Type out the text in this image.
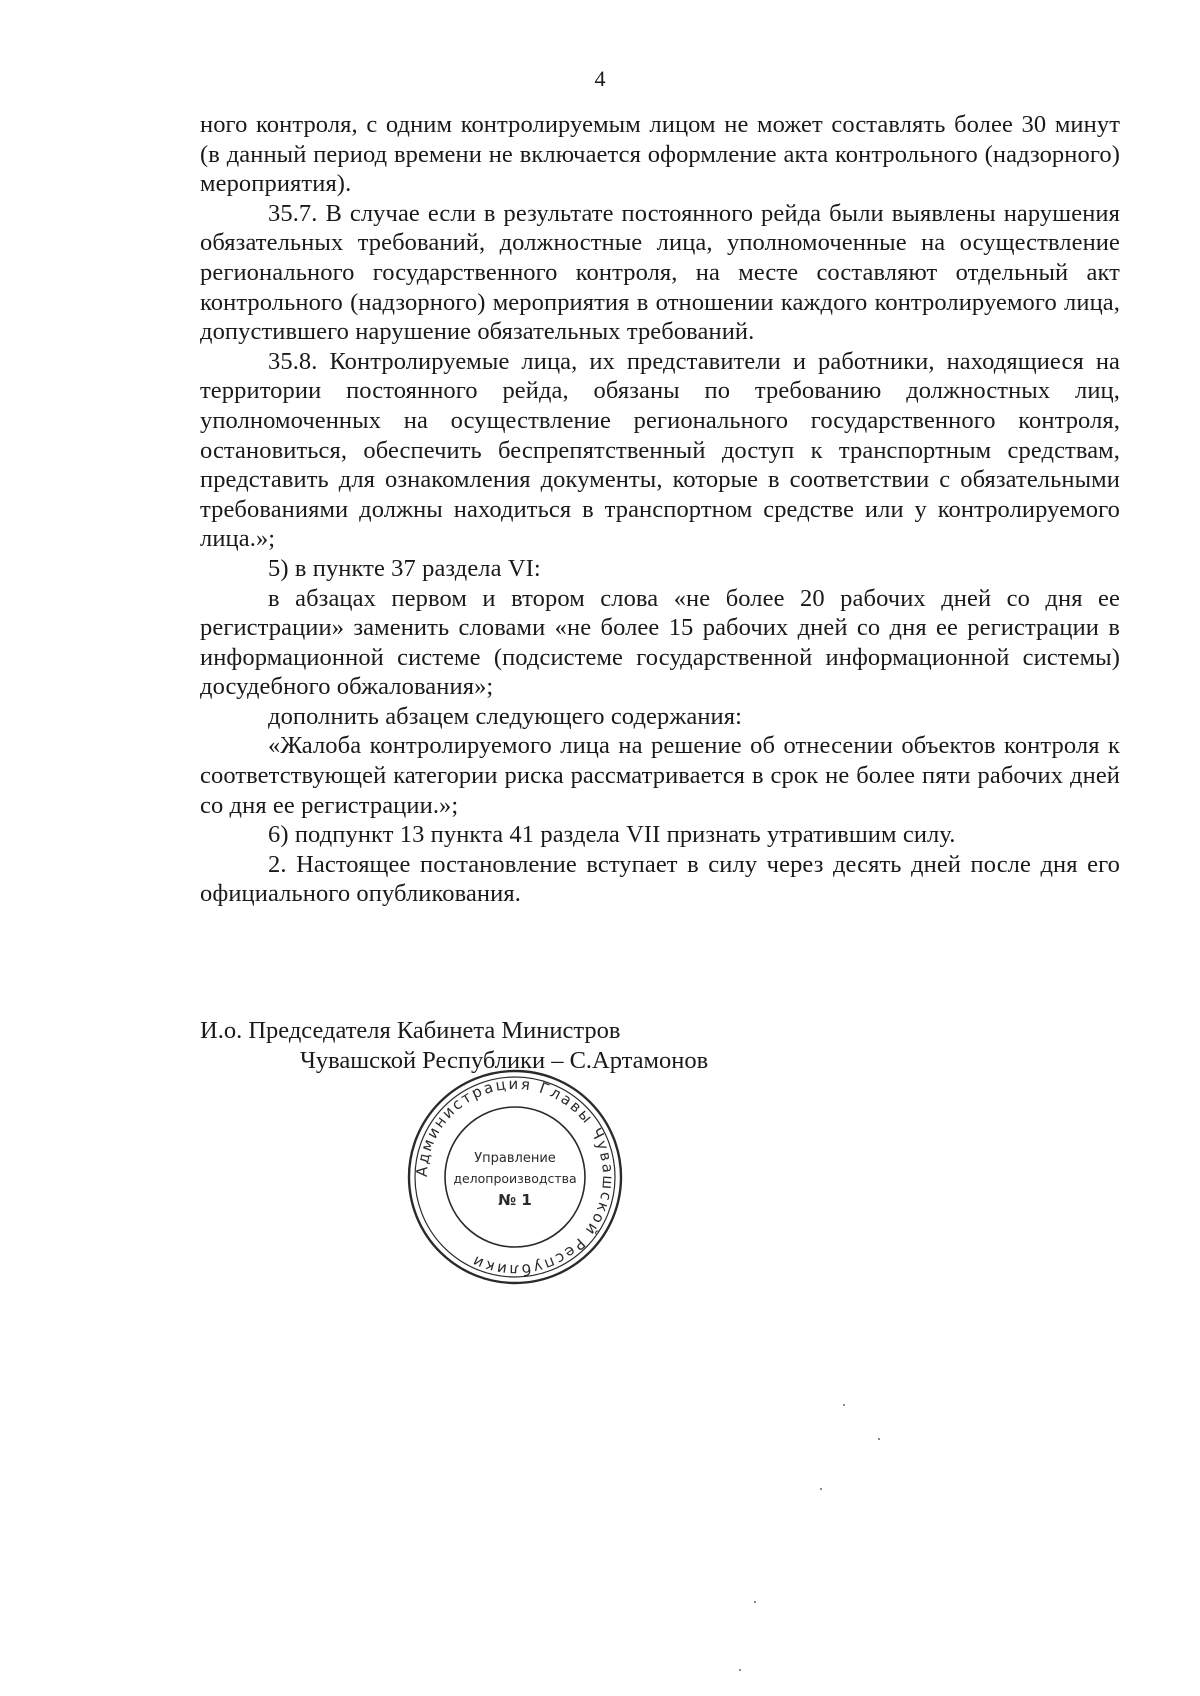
4

ного контроля, с одним контролируемым лицом не может составлять более 30 минут (в данный период времени не включается оформление акта контрольного (надзорного) мероприятия).

35.7. В случае если в результате постоянного рейда были выявлены нарушения обязательных требований, должностные лица, уполномоченные на осуществление регионального государственного контроля, на месте составляют отдельный акт контрольного (надзорного) мероприятия в отношении каждого контролируемого лица, допустившего нарушение обязательных требований.

35.8. Контролируемые лица, их представители и работники, находящиеся на территории постоянного рейда, обязаны по требованию должностных лиц, уполномоченных на осуществление регионального государственного контроля, остановиться, обеспечить беспрепятственный доступ к транспортным средствам, представить для ознакомления документы, которые в соответствии с обязательными требованиями должны находиться в транспортном средстве или у контролируемого лица.»;

5) в пункте 37 раздела VI:

в абзацах первом и втором слова «не более 20 рабочих дней со дня ее регистрации» заменить словами «не более 15 рабочих дней со дня ее регистрации в информационной системе (подсистеме государственной информационной системы) досудебного обжалования»;

дополнить абзацем следующего содержания:

«Жалоба контролируемого лица на решение об отнесении объектов контроля к соответствующей категории риска рассматривается в срок не более пяти рабочих дней со дня ее регистрации.»;

6) подпункт 13 пункта 41 раздела VII признать утратившим силу.

2. Настоящее постановление вступает в силу через десять дней после дня его официального опубликования.

И.о. Председателя Кабинета Министров
Чувашской Республики – С.Артамонов
Администрация Главы Чувашской Республики
Управление
делопроизводства
№ 1
